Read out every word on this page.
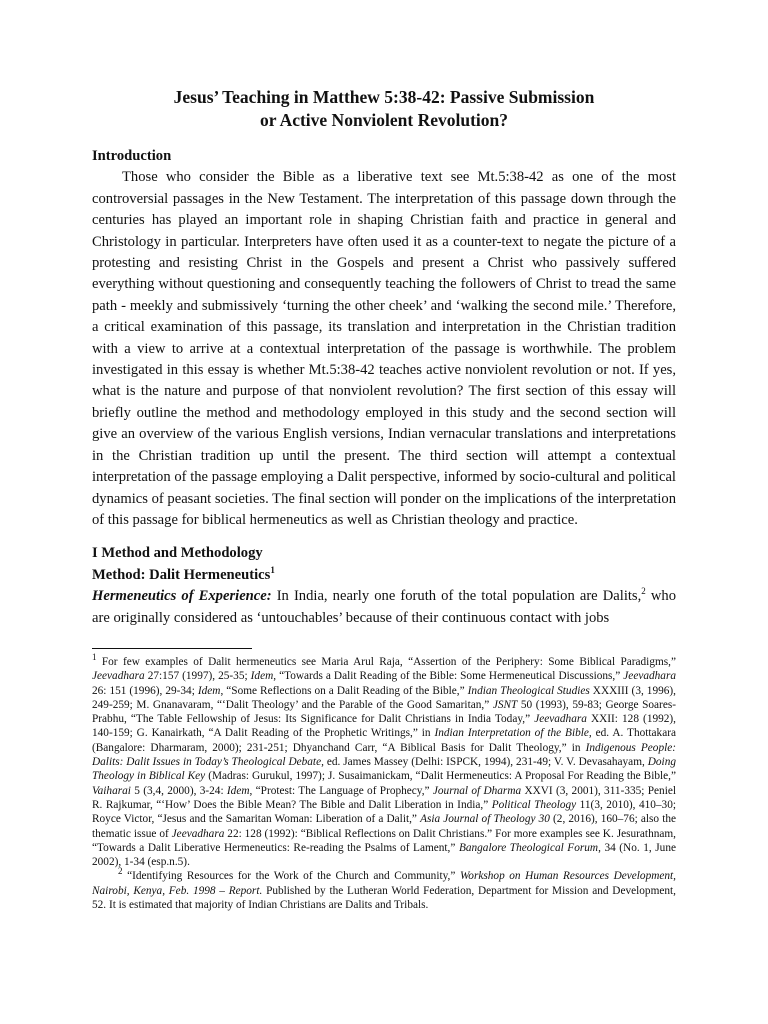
Jesus’ Teaching in Matthew 5:38-42: Passive Submission
or Active Nonviolent Revolution?

Introduction

Those who consider the Bible as a liberative text see Mt.5:38-42 as one of the most controversial passages in the New Testament. The interpretation of this passage down through the centuries has played an important role in shaping Christian faith and practice in general and Christology in particular. Interpreters have often used it as a counter-text to negate the picture of a protesting and resisting Christ in the Gospels and present a Christ who passively suffered everything without questioning and consequently teaching the followers of Christ to tread the same path - meekly and submissively ‘turning the other cheek’ and ‘walking the second mile.’ Therefore, a critical examination of this passage, its translation and interpretation in the Christian tradition with a view to arrive at a contextual interpretation of the passage is worthwhile. The problem investigated in this essay is whether Mt.5:38-42 teaches active nonviolent revolution or not. If yes, what is the nature and purpose of that nonviolent revolution? The first section of this essay will briefly outline the method and methodology employed in this study and the second section will give an overview of the various English versions, Indian vernacular translations and interpretations in the Christian tradition up until the present. The third section will attempt a contextual interpretation of the passage employing a Dalit perspective, informed by socio-cultural and political dynamics of peasant societies. The final section will ponder on the implications of the interpretation of this passage for biblical hermeneutics as well as Christian theology and practice.

I Method and Methodology

Method: Dalit Hermeneutics$^1$

Hermeneutics of Experience: In India, nearly one foruth of the total population are Dalits,$^2$ who are originally considered as ‘untouchables’ because of their continuous contact with jobs

$^1$ For few examples of Dalit hermeneutics see Maria Arul Raja, “Assertion of the Periphery: Some Biblical Paradigms,” Jeevadhara 27:157 (1997), 25-35; Idem, “Towards a Dalit Reading of the Bible: Some Hermeneutical Discussions,” Jeevadhara 26: 151 (1996), 29-34; Idem, “Some Reflections on a Dalit Reading of the Bible,” Indian Theological Studies XXXIII (3, 1996), 249-259; M. Gnanavaram, “‘Dalit Theology’ and the Parable of the Good Samaritan,” JSNT 50 (1993), 59-83; George Soares-Prabhu, “The Table Fellowship of Jesus: Its Significance for Dalit Christians in India Today,” Jeevadhara XXII: 128 (1992), 140-159; G. Kanairkath, “A Dalit Reading of the Prophetic Writings,” in Indian Interpretation of the Bible, ed. A. Thottakara (Bangalore: Dharmaram, 2000); 231-251; Dhyanchand Carr, “A Biblical Basis for Dalit Theology,” in Indigenous People: Dalits: Dalit Issues in Today’s Theological Debate, ed. James Massey (Delhi: ISPCK, 1994), 231-49; V. V. Devasahayam, Doing Theology in Biblical Key (Madras: Gurukul, 1997); J. Susaimanickam, “Dalit Hermeneutics: A Proposal For Reading the Bible,” Vaiharai 5 (3,4, 2000), 3-24: Idem, “Protest: The Language of Prophecy,” Journal of Dharma XXVI (3, 2001), 311-335; Peniel R. Rajkumar, “‘How’ Does the Bible Mean? The Bible and Dalit Liberation in India,” Political Theology 11(3, 2010), 410–30; Royce Victor, “Jesus and the Samaritan Woman: Liberation of a Dalit,” Asia Journal of Theology 30 (2, 2016), 160–76; also the thematic issue of Jeevadhara 22: 128 (1992): “Biblical Reflections on Dalit Christians.” For more examples see K. Jesurathnam, “Towards a Dalit Liberative Hermeneutics: Re-reading the Psalms of Lament,” Bangalore Theological Forum, 34 (No. 1, June 2002), 1-34 (esp.n.5).

$^2$ “Identifying Resources for the Work of the Church and Community,” Workshop on Human Resources Development, Nairobi, Kenya, Feb. 1998 – Report. Published by the Lutheran World Federation, Department for Mission and Development, 52. It is estimated that majority of Indian Christians are Dalits and Tribals.
